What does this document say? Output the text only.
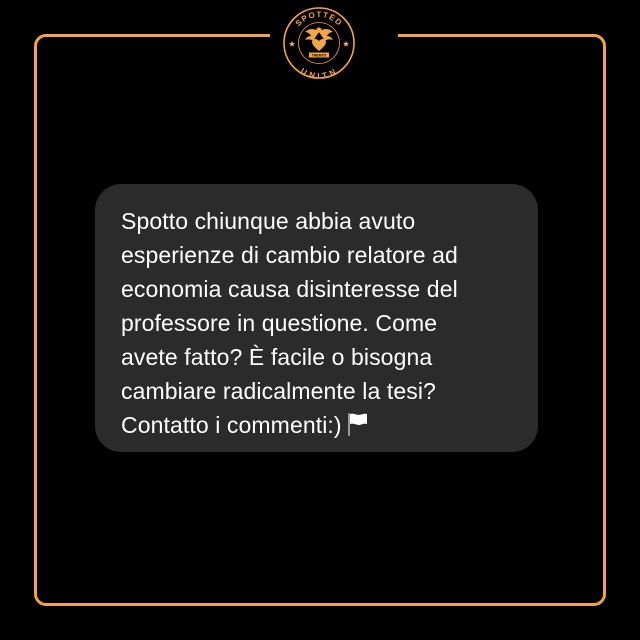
SPOTTED
UNITN
TRENTO

Spotto chiunque abbia avuto
esperienze di cambio relatore ad
economia causa disinteresse del
professore in questione. Come
avete fatto? È facile o bisogna
cambiare radicalmente la tesi?
Contatto i commenti:)
